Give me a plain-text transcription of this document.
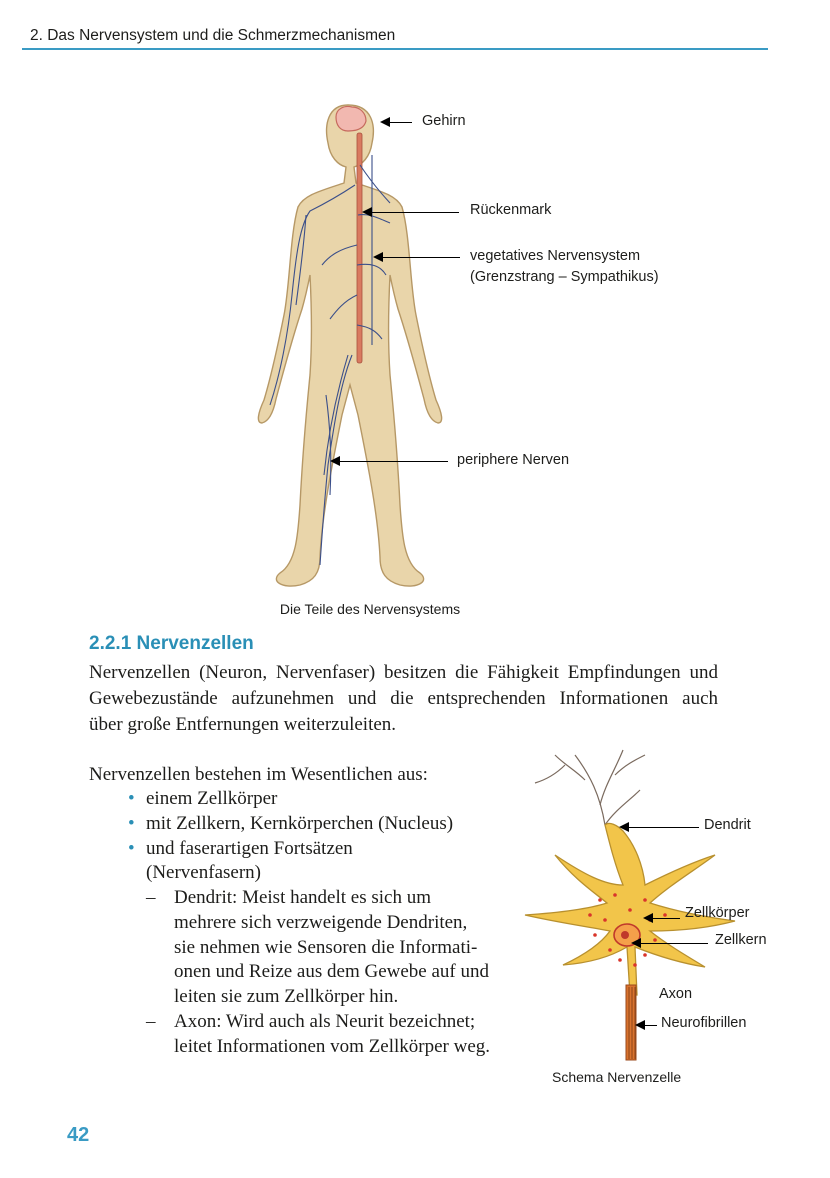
2. Das Nervensystem und die Schmerzmechanismen
Gehirn
Rückenmark
vegetatives Nervensystem
(Grenzstrang – Sympathikus)
periphere Nerven
Die Teile des Nervensystems
2.2.1 Nervenzellen
Nervenzellen (Neuron, Nervenfaser) besitzen die Fähigkeit Empfindungen und
Gewebezustände aufzunehmen und die entsprechenden Informationen auch
über große Entfernungen weiterzuleiten.
Nervenzellen bestehen im Wesentlichen aus:
• einem Zellkörper
• mit Zellkern, Kernkörperchen (Nucleus)
• und faserartigen Fortsätzen
(Nervenfasern)
– Dendrit: Meist handelt es sich um
mehrere sich verzweigende Dendriten,
sie nehmen wie Sensoren die Informati-
onen und Reize aus dem Gewebe auf und
leiten sie zum Zellkörper hin.
– Axon: Wird auch als Neurit bezeichnet;
leitet Informationen vom Zellkörper weg.
Dendrit
Zellkörper
Zellkern
Axon
Neurofibrillen
Schema Nervenzelle
42
